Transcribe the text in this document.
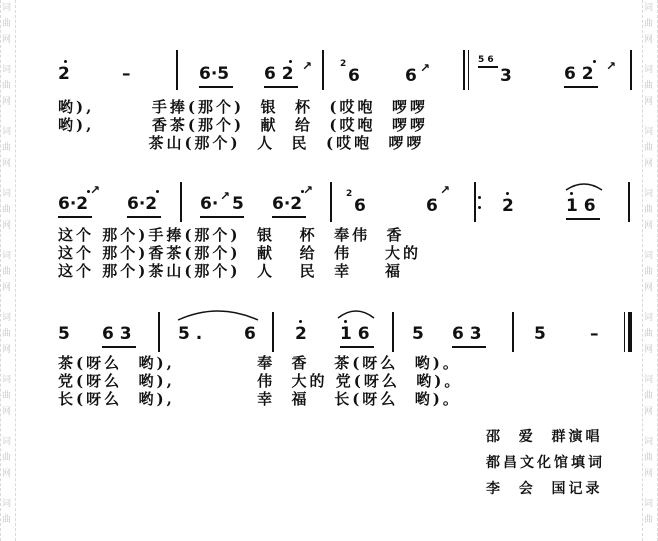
词
曲
网
词
曲
网
词
曲
网
词
曲
网
词
曲
网
词
曲
网
词
曲
网
词
曲
网
词
曲
词
曲
网
词
曲
网
词
曲
网
词
曲
网
词
曲
网
词
曲
网
词
曲
网
词
曲
网
词
曲
2	–	6·5 6 2 ↗	2
6	6 ↗
5 6
3	6 2 ↗
哟),       手捧(那个)  银  杯  (哎咆  啰啰
哟),       香茶(那个)  献  给  (哎咆  啰啰
茶山(那个)  人  民  (哎咆  啰啰
6·2
↗
6·2	6· ↗ 5 6·2
↗	2
6	6
↗
2	1 6
这个 那个)手捧(那个)  银   杯  奉伟  香
这个 那个)香茶(那个)  献   给  伟    大的
这个 那个)茶山(那个)  人   民  幸    福
5 6 3	5 . 6 2 1 6 5 6 3	5	–
茶(呀么  哟),          奉  香   茶(呀么  哟)。
党(呀么  哟),          伟  大的 党(呀么  哟)。
长(呀么  哟),          幸  福   长(呀么  哟)。
邵  爱  群演唱
都昌文化馆填词
李  会  国记录
